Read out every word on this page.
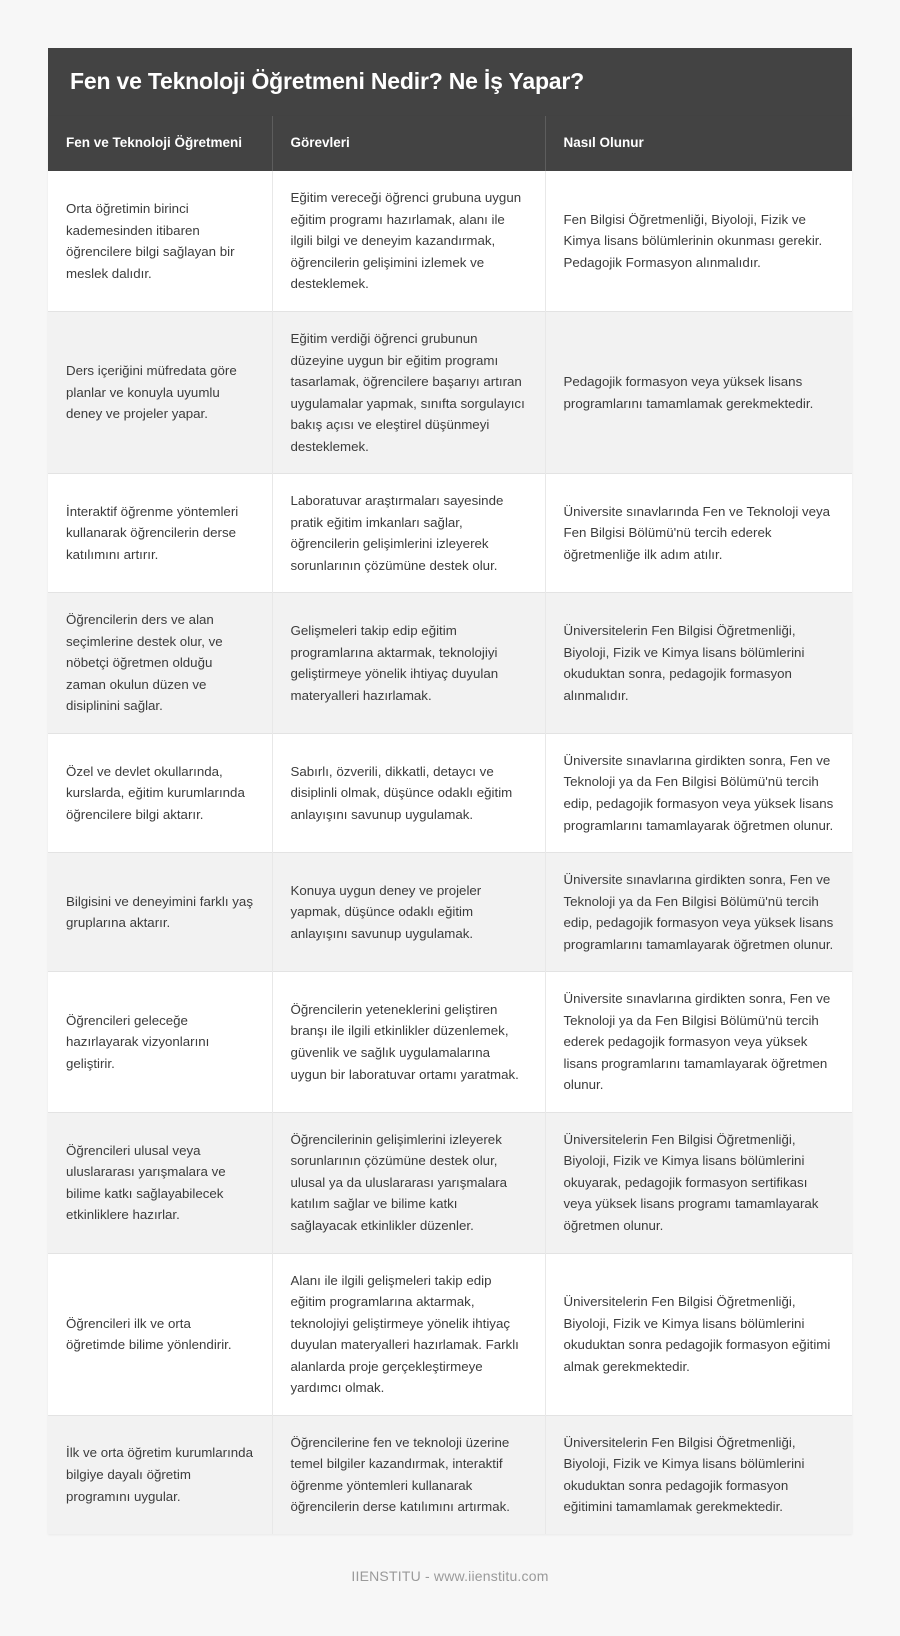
Fen ve Teknoloji Öğretmeni Nedir? Ne İş Yapar?
Fen ve Teknoloji Öğretmeni	Görevleri	Nasıl Olunur
Orta öğretimin birinci kademesinden itibaren öğrencilere bilgi sağlayan bir meslek dalıdır.	Eğitim vereceği öğrenci grubuna uygun eğitim programı hazırlamak, alanı ile ilgili bilgi ve deneyim kazandırmak, öğrencilerin gelişimini izlemek ve desteklemek.	Fen Bilgisi Öğretmenliği, Biyoloji, Fizik ve Kimya lisans bölümlerinin okunması gerekir. Pedagojik Formasyon alınmalıdır.
Ders içeriğini müfredata göre planlar ve konuyla uyumlu deney ve projeler yapar.	Eğitim verdiği öğrenci grubunun düzeyine uygun bir eğitim programı tasarlamak, öğrencilere başarıyı artıran uygulamalar yapmak, sınıfta sorgulayıcı bakış açısı ve eleştirel düşünmeyi desteklemek.	Pedagojik formasyon veya yüksek lisans programlarını tamamlamak gerekmektedir.
İnteraktif öğrenme yöntemleri kullanarak öğrencilerin derse katılımını artırır.	Laboratuvar araştırmaları sayesinde pratik eğitim imkanları sağlar, öğrencilerin gelişimlerini izleyerek sorunlarının çözümüne destek olur.	Üniversite sınavlarında Fen ve Teknoloji veya Fen Bilgisi Bölümü'nü tercih ederek öğretmenliğe ilk adım atılır.
Öğrencilerin ders ve alan seçimlerine destek olur, ve nöbetçi öğretmen olduğu zaman okulun düzen ve disiplinini sağlar.	Gelişmeleri takip edip eğitim programlarına aktarmak, teknolojiyi geliştirmeye yönelik ihtiyaç duyulan materyalleri hazırlamak.	Üniversitelerin Fen Bilgisi Öğretmenliği, Biyoloji, Fizik ve Kimya lisans bölümlerini okuduktan sonra, pedagojik formasyon alınmalıdır.
Özel ve devlet okullarında, kurslarda, eğitim kurumlarında öğrencilere bilgi aktarır.	Sabırlı, özverili, dikkatli, detaycı ve disiplinli olmak, düşünce odaklı eğitim anlayışını savunup uygulamak.	Üniversite sınavlarına girdikten sonra, Fen ve Teknoloji ya da Fen Bilgisi Bölümü'nü tercih edip, pedagojik formasyon veya yüksek lisans programlarını tamamlayarak öğretmen olunur.
Bilgisini ve deneyimini farklı yaş gruplarına aktarır.	Konuya uygun deney ve projeler yapmak, düşünce odaklı eğitim anlayışını savunup uygulamak.	Üniversite sınavlarına girdikten sonra, Fen ve Teknoloji ya da Fen Bilgisi Bölümü'nü tercih edip, pedagojik formasyon veya yüksek lisans programlarını tamamlayarak öğretmen olunur.
Öğrencileri geleceğe hazırlayarak vizyonlarını geliştirir.	Öğrencilerin yeteneklerini geliştiren branşı ile ilgili etkinlikler düzenlemek, güvenlik ve sağlık uygulamalarına uygun bir laboratuvar ortamı yaratmak.	Üniversite sınavlarına girdikten sonra, Fen ve Teknoloji ya da Fen Bilgisi Bölümü'nü tercih ederek pedagojik formasyon veya yüksek lisans programlarını tamamlayarak öğretmen olunur.
Öğrencileri ulusal veya uluslararası yarışmalara ve bilime katkı sağlayabilecek etkinliklere hazırlar.	Öğrencilerinin gelişimlerini izleyerek sorunlarının çözümüne destek olur, ulusal ya da uluslararası yarışmalara katılım sağlar ve bilime katkı sağlayacak etkinlikler düzenler.	Üniversitelerin Fen Bilgisi Öğretmenliği, Biyoloji, Fizik ve Kimya lisans bölümlerini okuyarak, pedagojik formasyon sertifikası veya yüksek lisans programı tamamlayarak öğretmen olunur.
Öğrencileri ilk ve orta öğretimde bilime yönlendirir.	Alanı ile ilgili gelişmeleri takip edip eğitim programlarına aktarmak, teknolojiyi geliştirmeye yönelik ihtiyaç duyulan materyalleri hazırlamak. Farklı alanlarda proje gerçekleştirmeye yardımcı olmak.	Üniversitelerin Fen Bilgisi Öğretmenliği, Biyoloji, Fizik ve Kimya lisans bölümlerini okuduktan sonra pedagojik formasyon eğitimi almak gerekmektedir.
İlk ve orta öğretim kurumlarında bilgiye dayalı öğretim programını uygular.	Öğrencilerine fen ve teknoloji üzerine temel bilgiler kazandırmak, interaktif öğrenme yöntemleri kullanarak öğrencilerin derse katılımını artırmak.	Üniversitelerin Fen Bilgisi Öğretmenliği, Biyoloji, Fizik ve Kimya lisans bölümlerini okuduktan sonra pedagojik formasyon eğitimini tamamlamak gerekmektedir.
IIENSTITU - www.iienstitu.com
